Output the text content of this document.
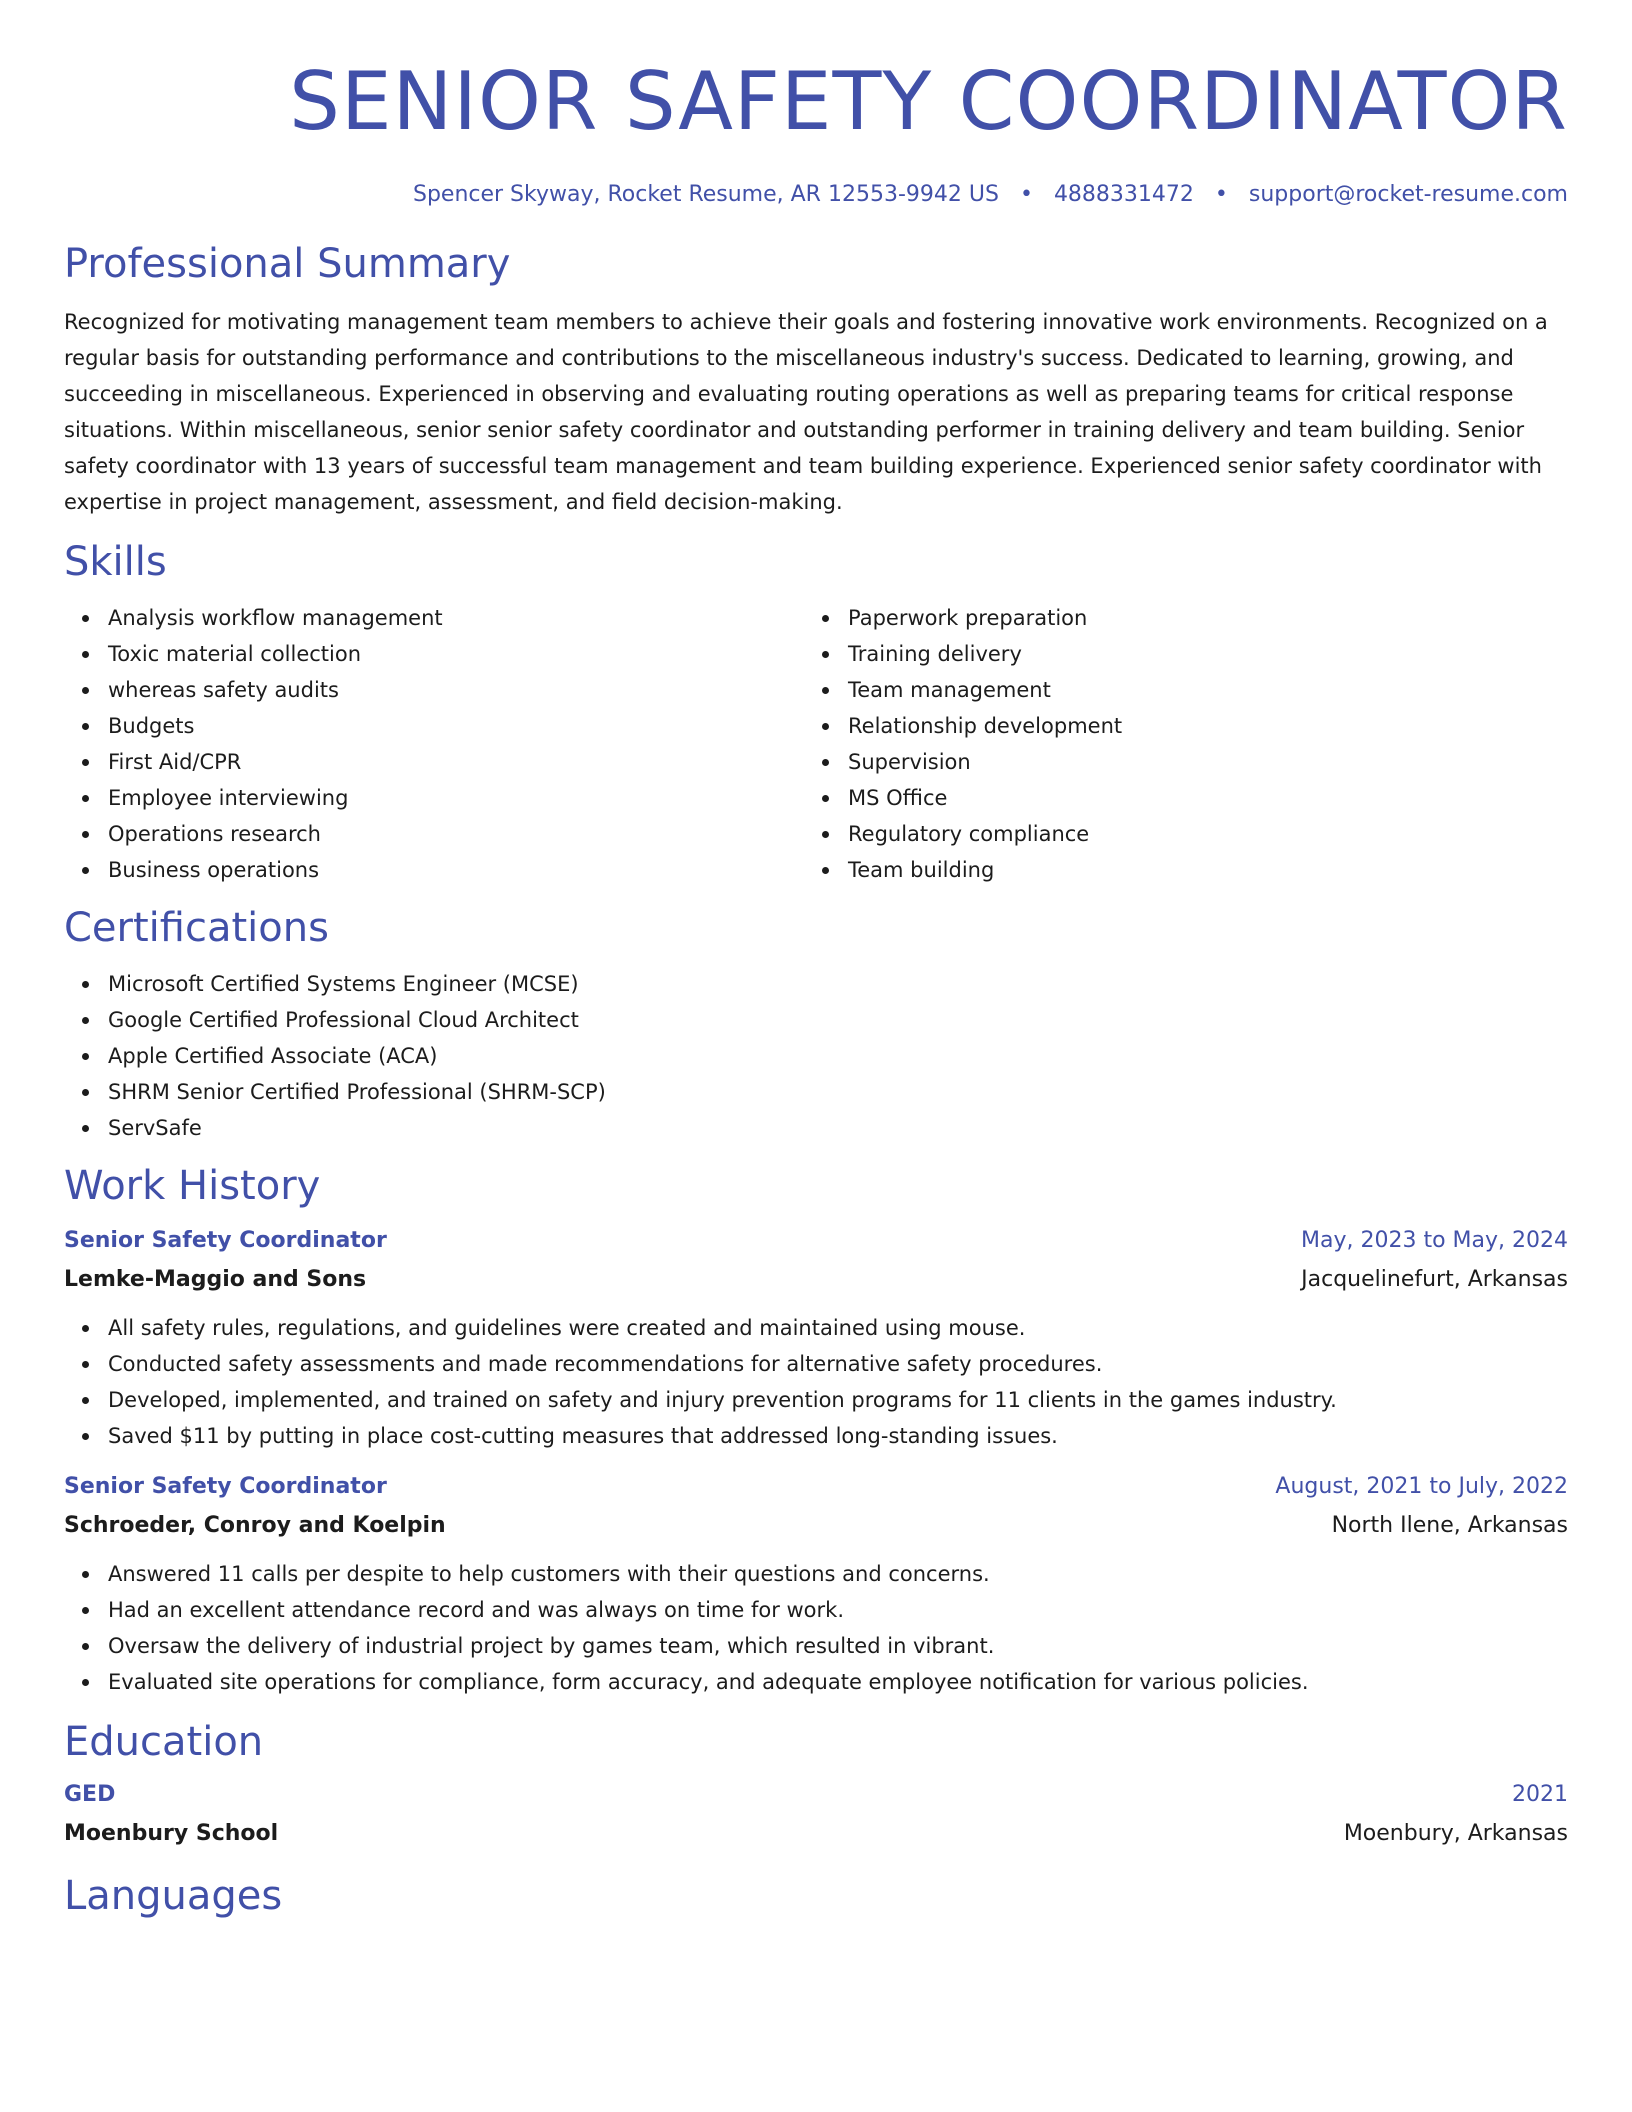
SENIOR SAFETY COORDINATOR
Spencer Skyway, Rocket Resume, AR 12553-9942 US • 4888331472 • support@rocket-resume.com
Professional Summary

Recognized for motivating management team members to achieve their goals and fostering innovative work environments. Recognized on a regular basis for outstanding performance and contributions to the miscellaneous industry's success. Dedicated to learning, growing, and succeeding in miscellaneous. Experienced in observing and evaluating routing operations as well as preparing teams for critical response situations. Within miscellaneous, senior senior safety coordinator and outstanding performer in training delivery and team building. Senior safety coordinator with 13 years of successful team management and team building experience. Experienced senior safety coordinator with expertise in project management, assessment, and field decision-making.

Skills
Analysis workflow management
Toxic material collection
whereas safety audits
Budgets
First Aid/CPR
Employee interviewing
Operations research
Business operations
Paperwork preparation
Training delivery
Team management
Relationship development
Supervision
MS Office
Regulatory compliance
Team building
Certifications
Microsoft Certified Systems Engineer (MCSE)
Google Certified Professional Cloud Architect
Apple Certified Associate (ACA)
SHRM Senior Certified Professional (SHRM-SCP)
ServSafe
Work History
Senior Safety Coordinator	May, 2023 to May, 2024
Lemke-Maggio and Sons	Jacquelinefurt, Arkansas
All safety rules, regulations, and guidelines were created and maintained using mouse.
Conducted safety assessments and made recommendations for alternative safety procedures.
Developed, implemented, and trained on safety and injury prevention programs for 11 clients in the games industry.
Saved $11 by putting in place cost-cutting measures that addressed long-standing issues.
Senior Safety Coordinator	August, 2021 to July, 2022
Schroeder, Conroy and Koelpin	North Ilene, Arkansas
Answered 11 calls per despite to help customers with their questions and concerns.
Had an excellent attendance record and was always on time for work.
Oversaw the delivery of industrial project by games team, which resulted in vibrant.
Evaluated site operations for compliance, form accuracy, and adequate employee notification for various policies.
Education
GED	2021
Moenbury School	Moenbury, Arkansas
Languages
